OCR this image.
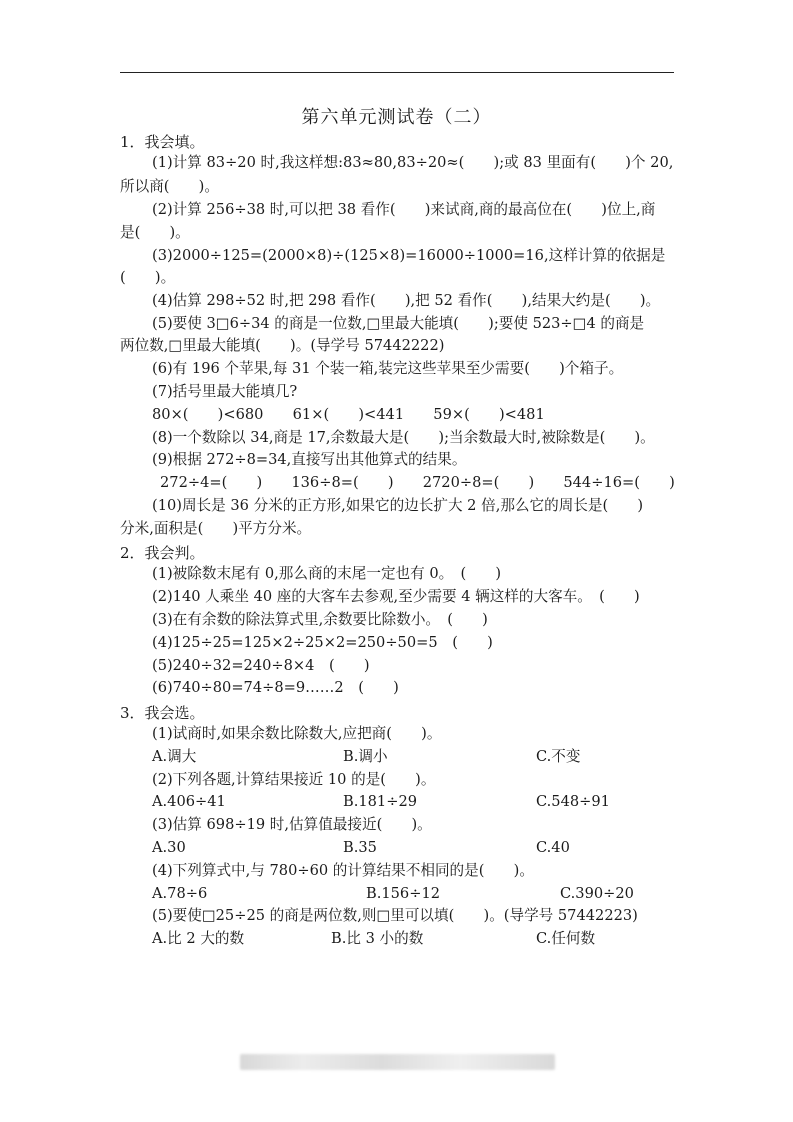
第六单元测试卷（二）
1．我会填。
(1)计算 83÷20 时,我这样想:83≈80,83÷20≈(　　);或 83 里面有(　　)个 20,
所以商(　　)。
(2)计算 256÷38 时,可以把 38 看作(　　)来试商,商的最高位在(　　)位上,商
是(　　)。
(3)2000÷125=(2000×8)÷(125×8)=16000÷1000=16,这样计算的依据是
(　　)。
(4)估算 298÷52 时,把 298 看作(　　),把 52 看作(　　),结果大约是(　　)。
(5)要使 3□6÷34 的商是一位数,□里最大能填(　　);要使 523÷□4 的商是
两位数,□里最大能填(　　)。(导学号 57442222)
(6)有 196 个苹果,每 31 个装一箱,装完这些苹果至少需要(　　)个箱子。
(7)括号里最大能填几?
80×(　　)<680　　61×(　　)<441　　59×(　　)<481
(8)一个数除以 34,商是 17,余数最大是(　　);当余数最大时,被除数是(　　)。
(9)根据 272÷8=34,直接写出其他算式的结果。
272÷4=(　　)　　136÷8=(　　)　　2720÷8=(　　)　　544÷16=(　　)
(10)周长是 36 分米的正方形,如果它的边长扩大 2 倍,那么它的周长是(　　)
分米,面积是(　　)平方分米。
2．我会判。
(1)被除数末尾有 0,那么商的末尾一定也有 0。　(　　)
(2)140 人乘坐 40 座的大客车去参观,至少需要 4 辆这样的大客车。　(　　)
(3)在有余数的除法算式里,余数要比除数小。　(　　)
(4)125÷25=125×2÷25×2=250÷50=5　(　　)
(5)240÷32=240÷8×4　(　　)
(6)740÷80=74÷8=9……2　(　　)
3．我会选。
(1)试商时,如果余数比除数大,应把商(　　)。
A.调大	B.调小	C.不变
(2)下列各题,计算结果接近 10 的是(　　)。
A.406÷41	B.181÷29	C.548÷91
(3)估算 698÷19 时,估算值最接近(　　)。
A.30	B.35	C.40
(4)下列算式中,与 780÷60 的计算结果不相同的是(　　)。
A.78÷6	B.156÷12	C.390÷20
(5)要使□25÷25 的商是两位数,则□里可以填(　　)。(导学号 57442223)
A.比 2 大的数	B.比 3 小的数	C.任何数
